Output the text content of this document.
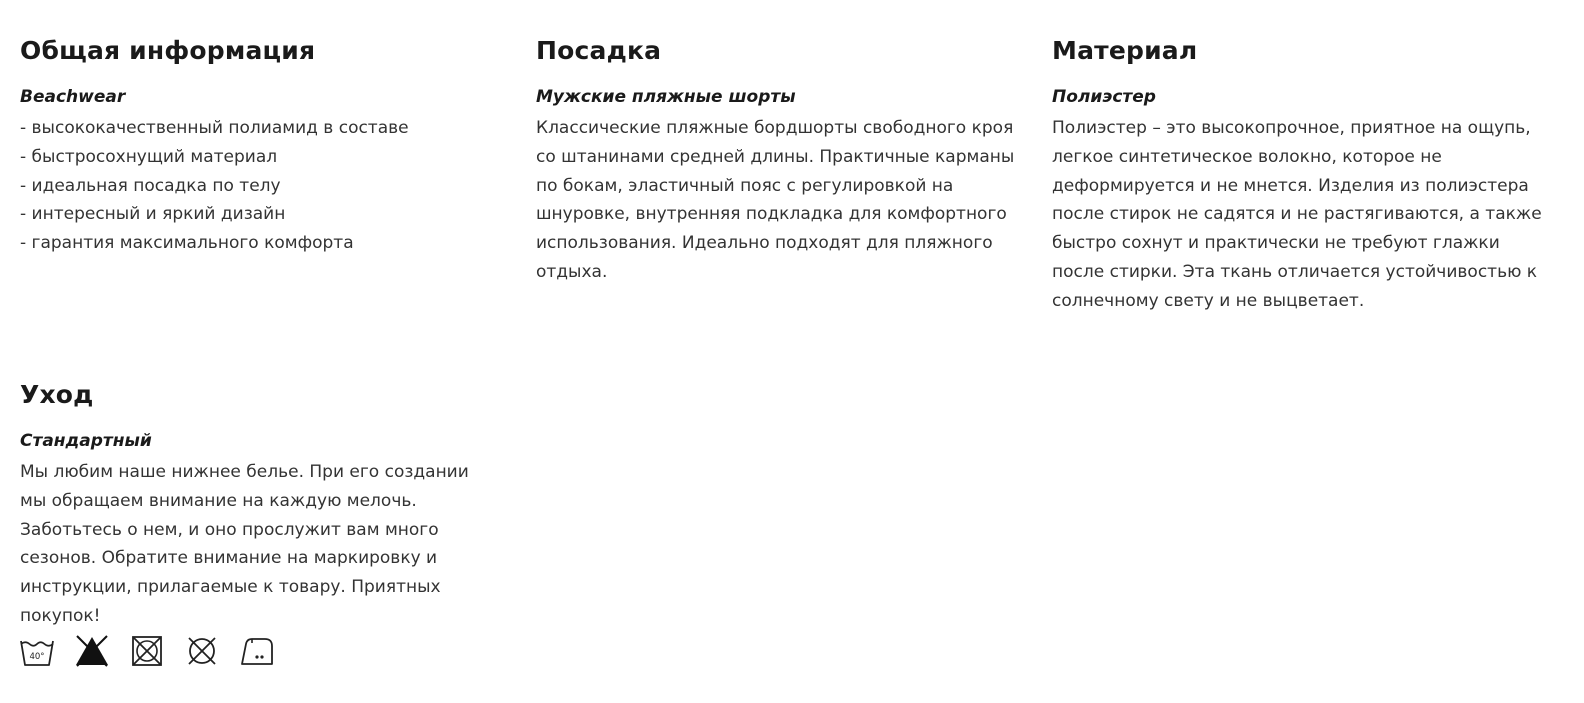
Общая информация
Beachwear
- высококачественный полиамид в составе
- быстросохнущий материал
- идеальная посадка по телу
- интересный и яркий дизайн
- гарантия максимального комфорта
Посадка
Мужские пляжные шорты

Классические пляжные бордшорты свободного кроя со штанинами средней длины. Практичные карманы по бокам, эластичный пояс с регулировкой на шнуровке, внутренняя подкладка для комфортного использования. Идеально подходят для пляжного отдыха.

Материал
Полиэстер

Полиэстер – это высокопрочное, приятное на ощупь, легкое синтетическое волокно, которое не деформируется и не мнется. Изделия из полиэстера после стирок не садятся и не растягиваются, а также быстро сохнут и практически не требуют глажки после стирки. Эта ткань отличается устойчивостью к солнечному свету и не выцветает.

Уход
Стандартный

Мы любим наше нижнее белье. При его создании мы обращаем внимание на каждую мелочь. Заботьтесь о нем, и оно прослужит вам много сезонов. Обратите внимание на маркировку и инструкции, прилагаемые к товару. Приятных покупок!

40°
